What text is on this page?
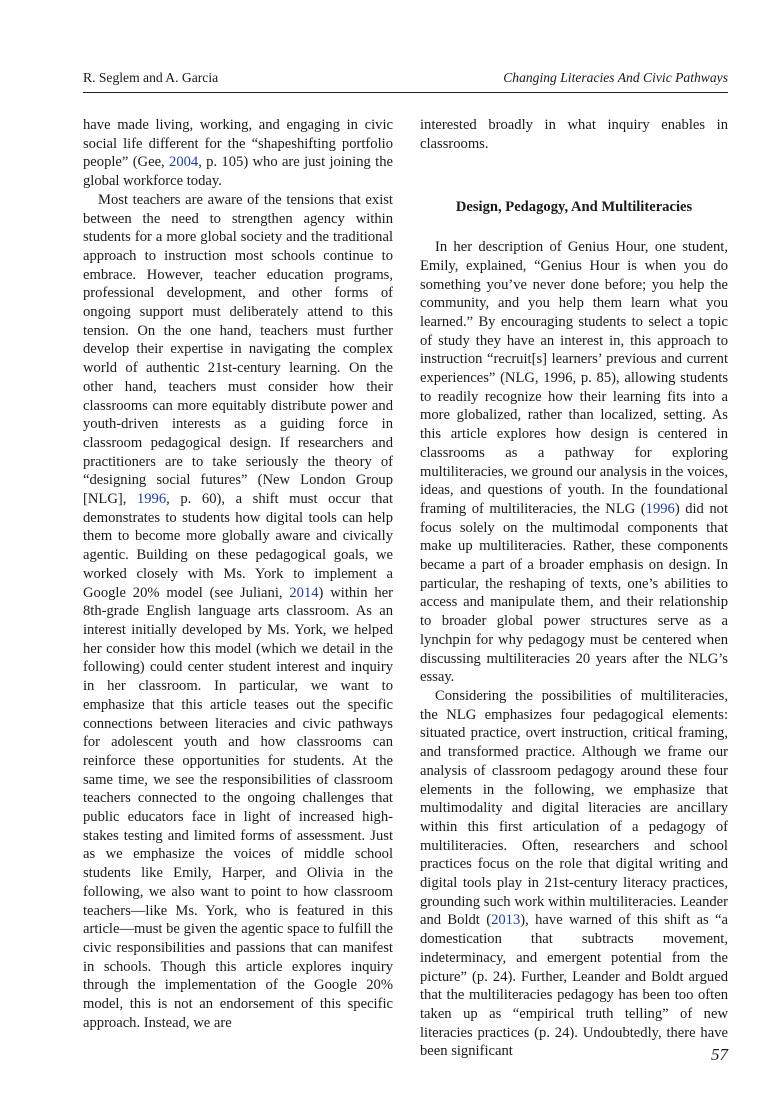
R. Seglem and A. Garcia	Changing Literacies And Civic Pathways

have made living, working, and engaging in civic social life different for the “shapeshifting portfolio people” (Gee, 2004, p. 105) who are just joining the global workforce today.

Most teachers are aware of the tensions that exist between the need to strengthen agency within students for a more global society and the traditional approach to instruction most schools continue to embrace. However, teacher education programs, professional development, and other forms of ongoing support must deliberately attend to this tension. On the one hand, teachers must further develop their expertise in navigating the complex world of authentic 21st-century learning. On the other hand, teachers must consider how their classrooms can more equitably distribute power and youth-driven interests as a guiding force in classroom pedagogical design. If researchers and practitioners are to take seriously the theory of “designing social futures” (New London Group [NLG], 1996, p. 60), a shift must occur that demonstrates to students how digital tools can help them to become more globally aware and civically agentic. Building on these pedagogical goals, we worked closely with Ms. York to implement a Google 20% model (see Juliani, 2014) within her 8th-grade English language arts classroom. As an interest initially developed by Ms. York, we helped her consider how this model (which we detail in the following) could center student interest and inquiry in her classroom. In particular, we want to emphasize that this article teases out the specific connections between literacies and civic pathways for adolescent youth and how classrooms can reinforce these opportunities for students. At the same time, we see the responsibilities of classroom teachers connected to the ongoing challenges that public educators face in light of increased high-stakes testing and limited forms of assessment. Just as we emphasize the voices of middle school students like Emily, Harper, and Olivia in the following, we also want to point to how classroom teachers—like Ms. York, who is featured in this article—must be given the agentic space to fulfill the civic responsibilities and passions that can manifest in schools. Though this article explores inquiry through the implementation of the Google 20% model, this is not an endorsement of this specific approach. Instead, we are

interested broadly in what inquiry enables in classrooms.

Design, Pedagogy, And Multiliteracies

In her description of Genius Hour, one student, Emily, explained, “Genius Hour is when you do something you’ve never done before; you help the community, and you help them learn what you learned.” By encouraging students to select a topic of study they have an interest in, this approach to instruction “recruit[s] learners’ previous and current experiences” (NLG, 1996, p. 85), allowing students to readily recognize how their learning fits into a more globalized, rather than localized, setting. As this article explores how design is centered in classrooms as a pathway for exploring multiliteracies, we ground our analysis in the voices, ideas, and questions of youth. In the foundational framing of multiliteracies, the NLG (1996) did not focus solely on the multimodal components that make up multiliteracies. Rather, these components became a part of a broader emphasis on design. In particular, the reshaping of texts, one’s abilities to access and manipulate them, and their relationship to broader global power structures serve as a lynchpin for why pedagogy must be centered when discussing multiliteracies 20 years after the NLG’s essay.

Considering the possibilities of multiliteracies, the NLG emphasizes four pedagogical elements: situated practice, overt instruction, critical framing, and transformed practice. Although we frame our analysis of classroom pedagogy around these four elements in the following, we emphasize that multimodality and digital literacies are ancillary within this first articulation of a pedagogy of multiliteracies. Often, researchers and school practices focus on the role that digital writing and digital tools play in 21st-century literacy practices, grounding such work within multiliteracies. Leander and Boldt (2013), have warned of this shift as “a domestication that subtracts movement, indeterminacy, and emergent potential from the picture” (p. 24). Further, Leander and Boldt argued that the multiliteracies pedagogy has been too often taken up as “empirical truth telling” of new literacies practices (p. 24). Undoubtedly, there have been significant	57
